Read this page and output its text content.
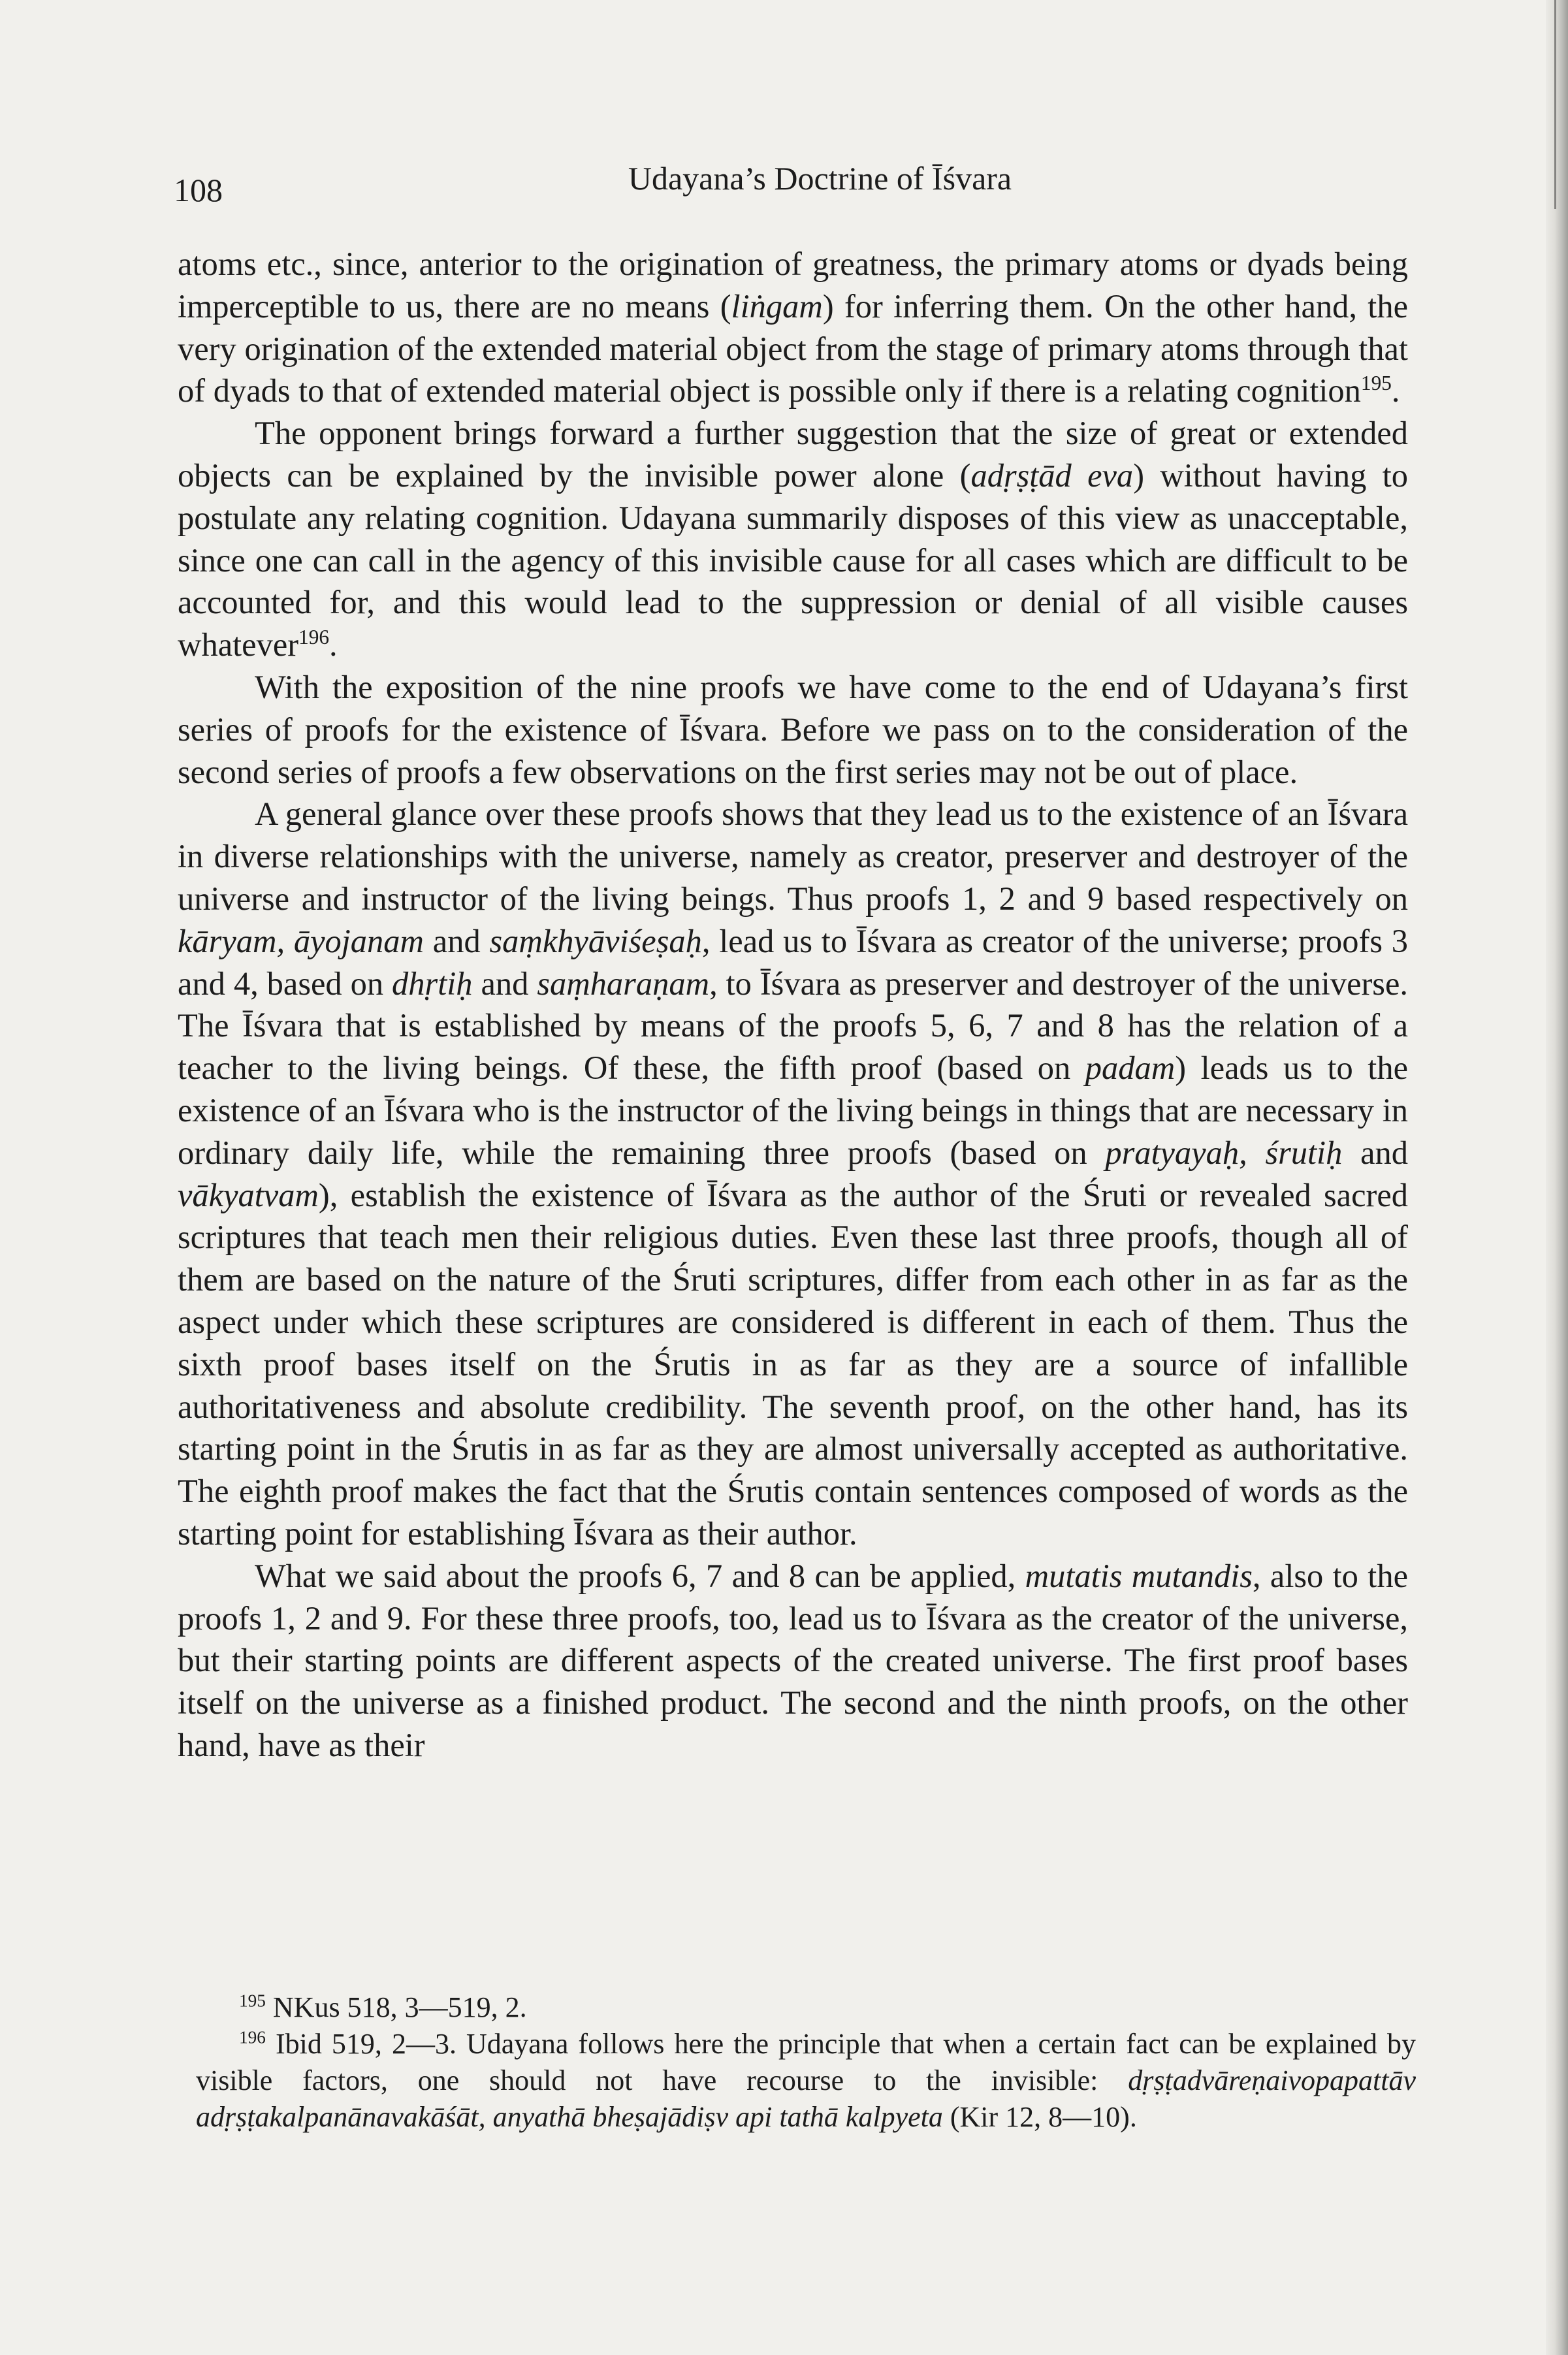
108	Udayana’s Doctrine of Īśvara

atoms etc., since, anterior to the origination of greatness, the primary atoms or dyads being imperceptible to us, there are no means (liṅgam) for inferring them. On the other hand, the very origination of the extended material object from the stage of primary atoms through that of dyads to that of extended material object is possible only if there is a relating cognition$^{195}$.

The opponent brings forward a further suggestion that the size of great or extended objects can be explained by the invisible power alone (adṛṣṭād eva) without having to postulate any relating cognition. Udayana summarily disposes of this view as unacceptable, since one can call in the agency of this invisible cause for all cases which are difficult to be accounted for, and this would lead to the suppression or denial of all visible causes whatever$^{196}$.

With the exposition of the nine proofs we have come to the end of Udayana’s first series of proofs for the existence of Īśvara. Before we pass on to the consideration of the second series of proofs a few observations on the first series may not be out of place.

A general glance over these proofs shows that they lead us to the existence of an Īśvara in diverse relationships with the universe, namely as creator, preserver and destroyer of the universe and instructor of the living beings. Thus proofs 1, 2 and 9 based respectively on kāryam, āyojanam and saṃkhyāviśeṣaḥ, lead us to Īśvara as creator of the universe; proofs 3 and 4, based on dhṛtiḥ and saṃharaṇam, to Īśvara as preserver and destroyer of the universe. The Īśvara that is established by means of the proofs 5, 6, 7 and 8 has the relation of a teacher to the living beings. Of these, the fifth proof (based on padam) leads us to the existence of an Īśvara who is the instructor of the living beings in things that are necessary in ordinary daily life, while the remaining three proofs (based on pratyayaḥ, śrutiḥ and vākyatvam), establish the existence of Īśvara as the author of the Śruti or revealed sacred scriptures that teach men their religious duties. Even these last three proofs, though all of them are based on the nature of the Śruti scriptures, differ from each other in as far as the aspect under which these scriptures are considered is different in each of them. Thus the sixth proof bases itself on the Śrutis in as far as they are a source of infallible authoritativeness and absolute credibility. The seventh proof, on the other hand, has its starting point in the Śrutis in as far as they are almost universally accepted as authoritative. The eighth proof makes the fact that the Śrutis contain sentences composed of words as the starting point for establishing Īśvara as their author.

What we said about the proofs 6, 7 and 8 can be applied, mutatis mutandis, also to the proofs 1, 2 and 9. For these three proofs, too, lead us to Īśvara as the creator of the universe, but their starting points are different aspects of the created universe. The first proof bases itself on the universe as a finished product. The second and the ninth proofs, on the other hand, have as their

$^{195}$ NKus 518, 3—519, 2.

$^{196}$ Ibid 519, 2—3. Udayana follows here the principle that when a certain fact can be explained by visible factors, one should not have recourse to the invisible: dṛṣṭadvāreṇaivopapattāv adṛṣṭakalpanānavakāśāt, anyathā bheṣajādiṣv api tathā kalpyeta (Kir 12, 8—10).
